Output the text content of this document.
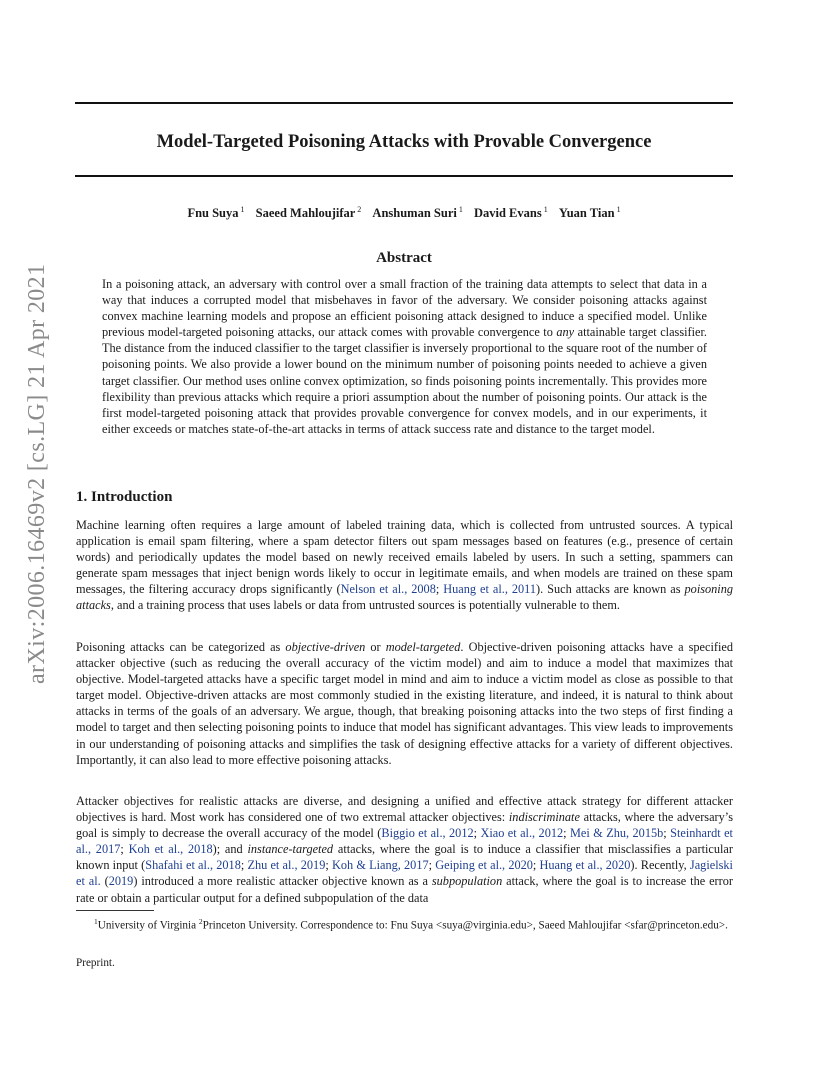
arXiv:2006.16469v2 [cs.LG] 21 Apr 2021
Model-Targeted Poisoning Attacks with Provable Convergence
Fnu Suya $^1$ Saeed Mahloujifar $^2$ Anshuman Suri $^1$ David Evans $^1$ Yuan Tian $^1$
Abstract
In a poisoning attack, an adversary with control over a small fraction of the training data attempts to select that data in a way that induces a corrupted model that misbehaves in favor of the adversary. We consider poisoning attacks against convex machine learning models and propose an efficient poisoning attack designed to induce a specified model. Unlike previous model-targeted poisoning attacks, our attack comes with provable convergence to any attainable target classifier. The distance from the induced classifier to the target classifier is inversely proportional to the square root of the number of poisoning points. We also provide a lower bound on the minimum number of poisoning points needed to achieve a given target classifier. Our method uses online convex optimization, so finds poisoning points incrementally. This provides more flexibility than previous attacks which require a priori assumption about the number of poisoning points. Our attack is the first model-targeted poisoning attack that provides provable convergence for convex models, and in our experiments, it either exceeds or matches state-of-the-art attacks in terms of attack success rate and distance to the target model.
1. Introduction

Machine learning often requires a large amount of labeled training data, which is collected from untrusted sources. A typical application is email spam filtering, where a spam detector filters out spam messages based on features (e.g., presence of certain words) and periodically updates the model based on newly received emails labeled by users. In such a setting, spammers can generate spam messages that inject benign words likely to occur in legitimate emails, and when models are trained on these spam messages, the filtering accuracy drops significantly (Nelson et al., 2008; Huang et al., 2011). Such attacks are known as poisoning attacks, and a training process that uses labels or data from untrusted sources is potentially vulnerable to them.

Poisoning attacks can be categorized as objective-driven or model-targeted. Objective-driven poisoning attacks have a specified attacker objective (such as reducing the overall accuracy of the victim model) and aim to induce a model that maximizes that objective. Model-targeted attacks have a specific target model in mind and aim to induce a victim model as close as possible to that target model. Objective-driven attacks are most commonly studied in the existing literature, and indeed, it is natural to think about attacks in terms of the goals of an adversary. We argue, though, that breaking poisoning attacks into the two steps of first finding a model to target and then selecting poisoning points to induce that model has significant advantages. This view leads to improvements in our understanding of poisoning attacks and simplifies the task of designing effective attacks for a variety of different objectives. Importantly, it can also lead to more effective poisoning attacks.

Attacker objectives for realistic attacks are diverse, and designing a unified and effective attack strategy for different attacker objectives is hard. Most work has considered one of two extremal attacker objectives: indiscriminate attacks, where the adversary’s goal is simply to decrease the overall accuracy of the model (Biggio et al., 2012; Xiao et al., 2012; Mei & Zhu, 2015b; Steinhardt et al., 2017; Koh et al., 2018); and instance-targeted attacks, where the goal is to induce a classifier that misclassifies a particular known input (Shafahi et al., 2018; Zhu et al., 2019; Koh & Liang, 2017; Geiping et al., 2020; Huang et al., 2020). Recently, Jagielski et al. (2019) introduced a more realistic attacker objective known as a subpopulation attack, where the goal is to increase the error rate or obtain a particular output for a defined subpopulation of the data

$^1$University of Virginia $^2$Princeton University. Correspondence to: Fnu Suya <suya@virginia.edu>, Saeed Mahloujifar <sfar@princeton.edu>.
Preprint.
